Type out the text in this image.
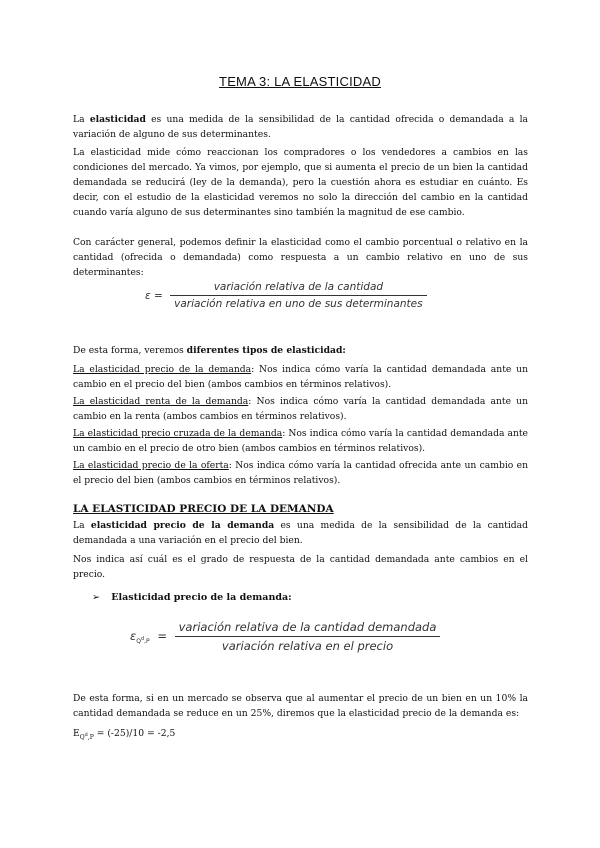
TEMA 3: LA ELASTICIDAD
La elasticidad es una medida de la sensibilidad de la cantidad ofrecida o demandada a la variación de alguno de sus determinantes.
La elasticidad mide cómo reaccionan los compradores o los vendedores a cambios en las condiciones del mercado. Ya vimos, por ejemplo, que si aumenta el precio de un bien la cantidad demandada se reducirá (ley de la demanda), pero la cuestión ahora es estudiar en cuánto. Es decir, con el estudio de la elasticidad veremos no solo la dirección del cambio en la cantidad cuando varía alguno de sus determinantes sino también la magnitud de ese cambio.
Con carácter general, podemos definir la elasticidad como el cambio porcentual o relativo en la cantidad (ofrecida o demandada) como respuesta a un cambio relativo en uno de sus determinantes:
$\varepsilon = \frac{\text{variación relativa de la cantidad}}{\text{variación relativa en uno de sus determinantes}}$
De esta forma, veremos diferentes tipos de elasticidad:
La elasticidad precio de la demanda: Nos indica cómo varía la cantidad demandada ante un cambio en el precio del bien (ambos cambios en términos relativos).
La elasticidad renta de la demanda: Nos indica cómo varía la cantidad demandada ante un cambio en la renta (ambos cambios en términos relativos).
La elasticidad precio cruzada de la demanda: Nos indica cómo varía la cantidad demandada ante un cambio en el precio de otro bien (ambos cambios en términos relativos).
La elasticidad precio de la oferta: Nos indica cómo varía la cantidad ofrecida ante un cambio en el precio del bien (ambos cambios en términos relativos).
LA ELASTICIDAD PRECIO DE LA DEMANDA
La elasticidad precio de la demanda es una medida de la sensibilidad de la cantidad demandada a una variación en el precio del bien.
Nos indica así cuál es el grado de respuesta de la cantidad demandada ante cambios en el precio.
➢ Elasticidad precio de la demanda:
$\varepsilon_{Q^d,P} = \frac{\text{variación relativa de la cantidad demandada}}{\text{variación relativa en el precio}}$
De esta forma, si en un mercado se observa que al aumentar el precio de un bien en un 10% la cantidad demandada se reduce en un 25%, diremos que la elasticidad precio de la demanda es:
$E_{Q^d,P} = (-25)/10 = -2,5$
